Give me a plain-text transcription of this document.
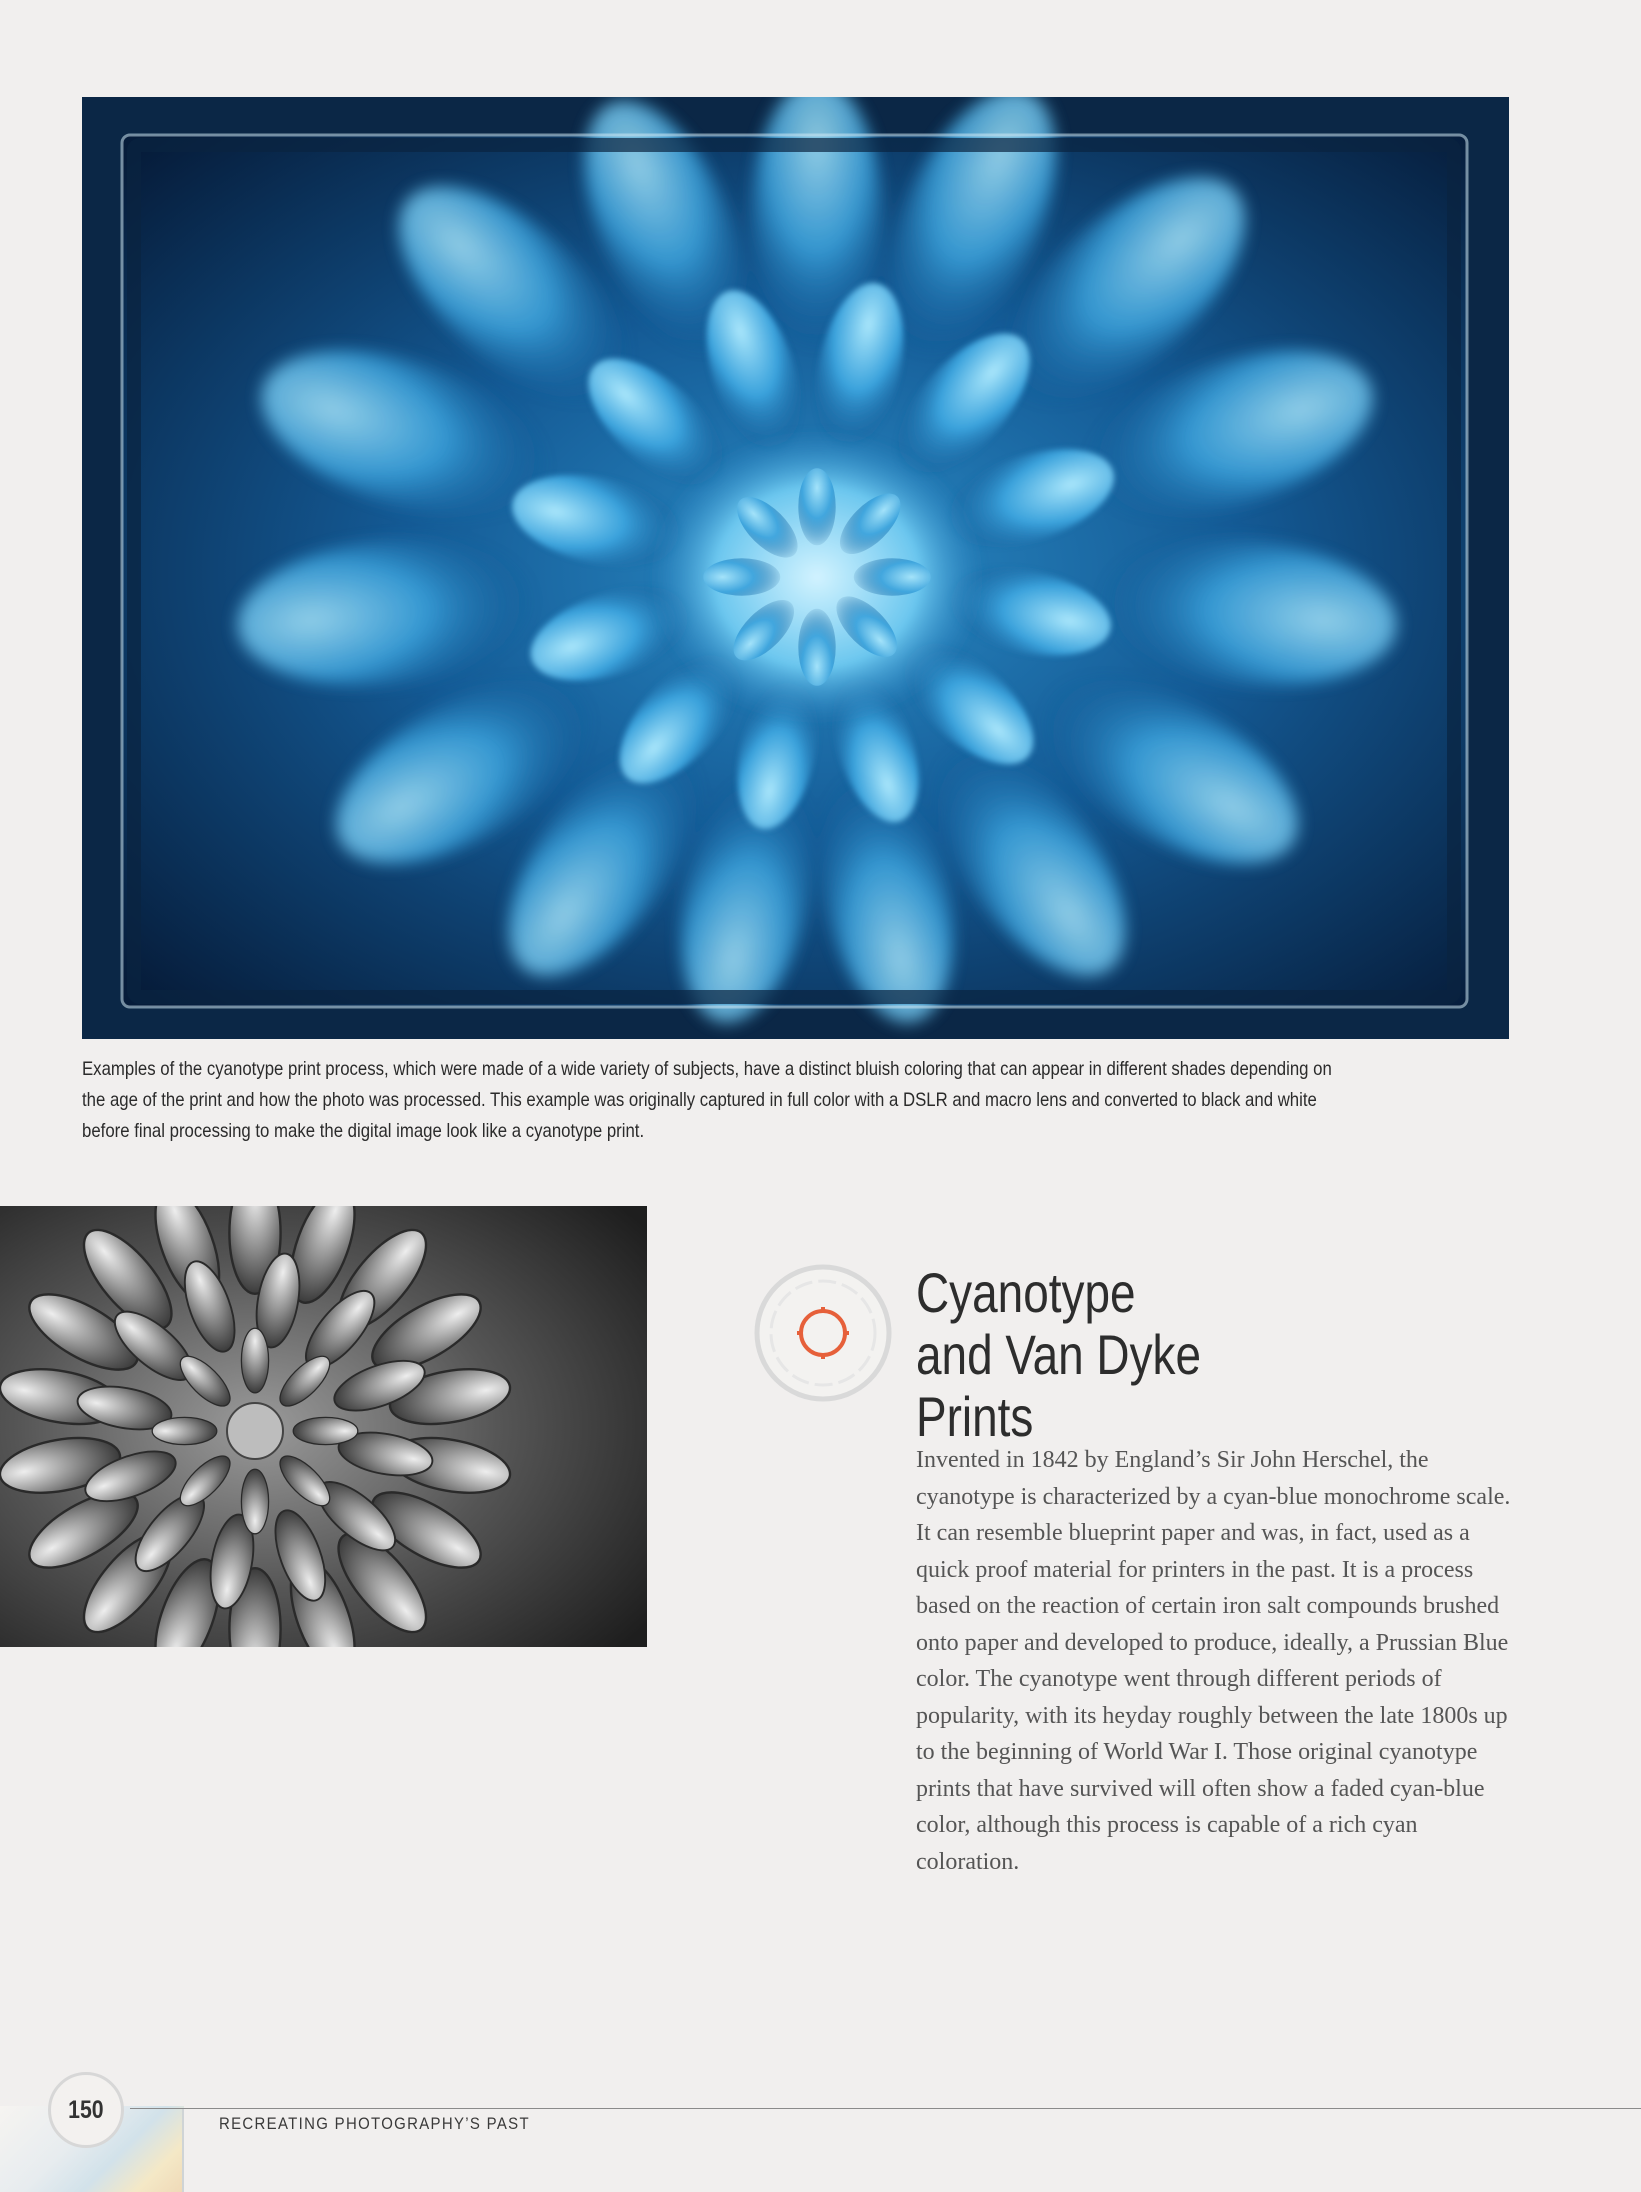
Examples of the cyanotype print process, which were made of a wide variety of subjects, have a distinct bluish coloring that can appear in different shades depending on the age of the print and how the photo was processed. This example was originally captured in full color with a DSLR and macro lens and converted to black and white before final processing to make the digital image look like a cyanotype print.
Cyanotype
and Van Dyke Prints

Invented in 1842 by England’s Sir John Herschel, the cyanotype is characterized by a cyan-blue monochrome scale. It can resemble blueprint paper and was, in fact, used as a quick proof material for printers in the past. It is a process based on the reaction of certain iron salt compounds brushed onto paper and developed to produce, ideally, a Prussian Blue color. The cyanotype went through different periods of popularity, with its heyday roughly between the late 1800s up to the beginning of World War I. Those original cyanotype prints that have survived will often show a faded cyan-blue color, although this process is capable of a rich cyan coloration.

150	RECREATING PHOTOGRAPHY’S PAST
